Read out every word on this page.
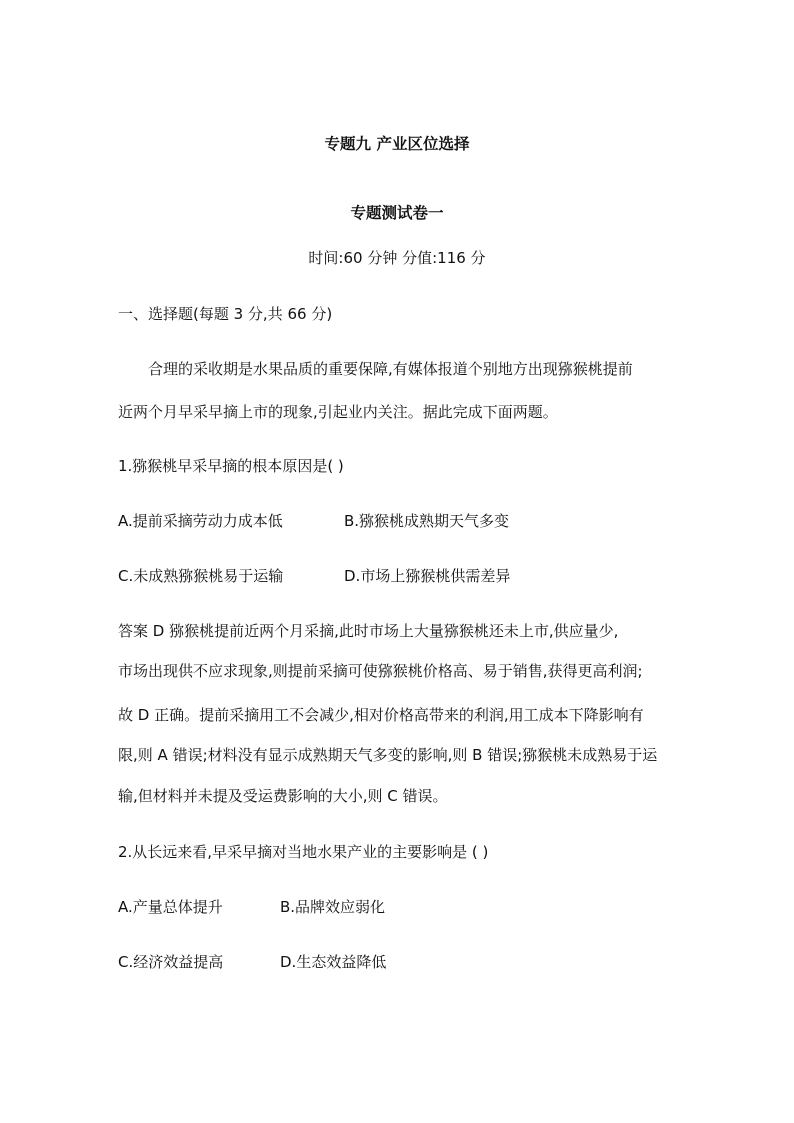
专题九 产业区位选择
专题测试卷一
时间:60 分钟 分值:116 分
一、选择题(每题 3 分,共 66 分)
合理的采收期是水果品质的重要保障,有媒体报道个别地方出现猕猴桃提前
近两个月早采早摘上市的现象,引起业内关注。据此完成下面两题。
1.猕猴桃早采早摘的根本原因是( )
A.提前采摘劳动力成本低	B.猕猴桃成熟期天气多变
C.未成熟猕猴桃易于运输	D.市场上猕猴桃供需差异
答案 D 猕猴桃提前近两个月采摘,此时市场上大量猕猴桃还未上市,供应量少,
市场出现供不应求现象,则提前采摘可使猕猴桃价格高、易于销售,获得更高利润;
故 D 正确。提前采摘用工不会减少,相对价格高带来的利润,用工成本下降影响有
限,则 A 错误;材料没有显示成熟期天气多变的影响,则 B 错误;猕猴桃未成熟易于运
输,但材料并未提及受运费影响的大小,则 C 错误。
2.从长远来看,早采早摘对当地水果产业的主要影响是 ( )
A.产量总体提升	B.品牌效应弱化
C.经济效益提高	D.生态效益降低
